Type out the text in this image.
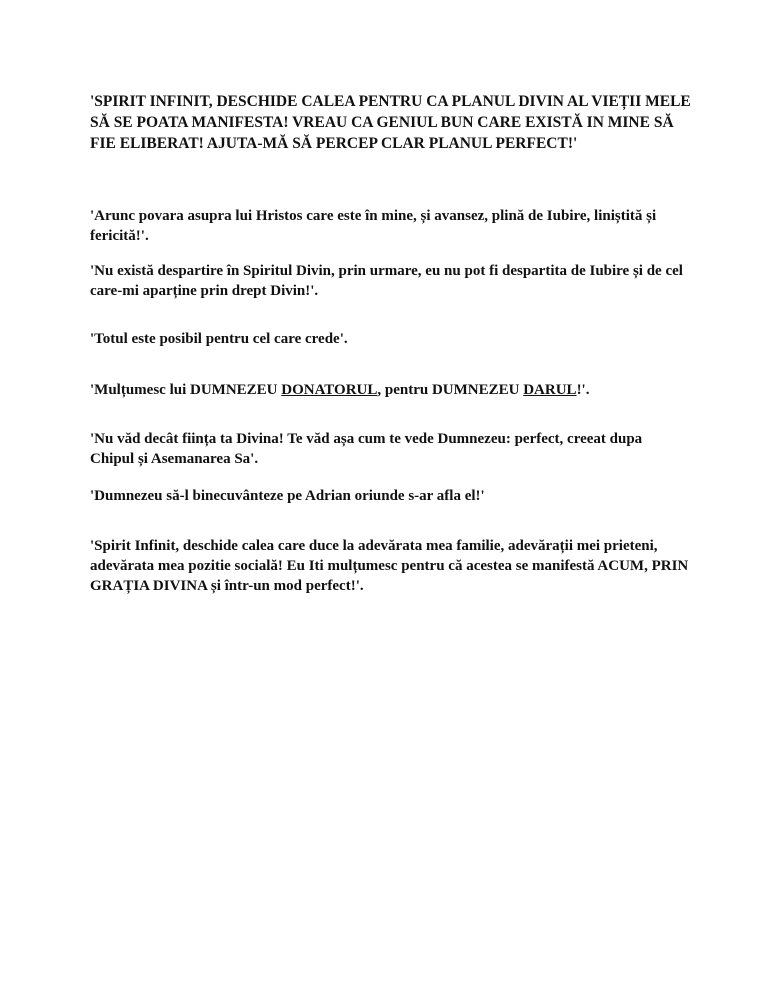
'SPIRIT INFINIT, DESCHIDE CALEA PENTRU CA PLANUL DIVIN AL VIEȚII MELE SĂ SE POATA MANIFESTA! VREAU CA GENIUL BUN CARE EXISTĂ IN MINE SĂ FIE ELIBERAT! AJUTA-MĂ SĂ PERCEP CLAR PLANUL PERFECT!'

'Arunc povara asupra lui Hristos care este în mine, și avansez, plină de Iubire, liniștită și fericită!'.

'Nu există despartire în Spiritul Divin, prin urmare, eu nu pot fi despartita de Iubire și de cel care-mi aparține prin drept Divin!'.

'Totul este posibil pentru cel care crede'.

'Mulțumesc lui DUMNEZEU DONATORUL, pentru DUMNEZEU DARUL!'.

'Nu văd decât ființa ta Divina! Te văd așa cum te vede Dumnezeu: perfect, creeat dupa Chipul și Asemanarea Sa'.

'Dumnezeu să-l binecuvânteze pe Adrian oriunde s-ar afla el!'

'Spirit Infinit, deschide calea care duce la adevărata mea familie, adevărații mei prieteni, adevărata mea pozitie socială! Eu Iti mulțumesc pentru că acestea se manifestă ACUM, PRIN GRAȚIA DIVINA și într-un mod perfect!'.
